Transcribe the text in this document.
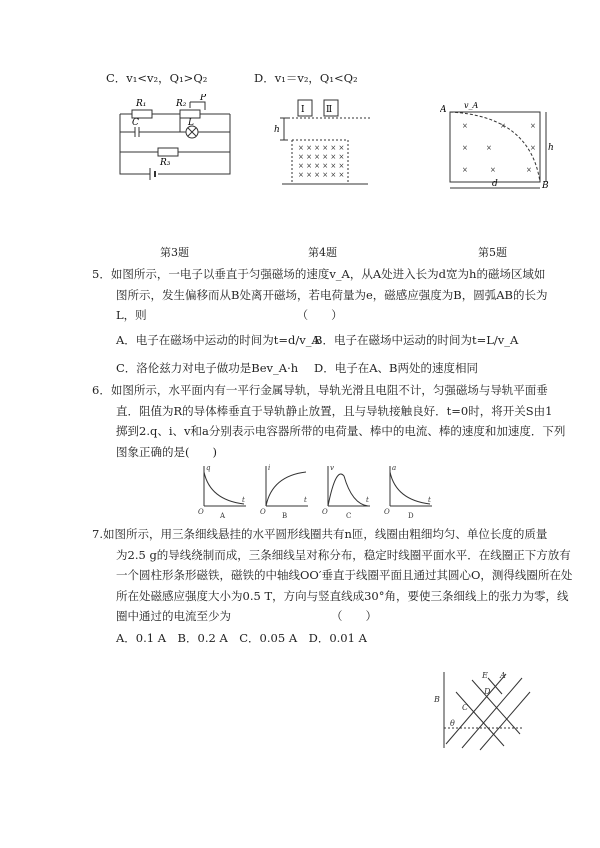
C．v₁<v₂，Q₁>Q₂	D．v₁＝v₂，Q₁<Q₂
R₁	R₂
P
C	L
R₃
Ⅰ Ⅱ
h
× × × × × ×
× × × × × ×
× × × × × ×
× × × × × ×
A v_A
h
d	B
×	×	×
×	×	×
×	×	×
第3题	第4题	第5题
5．如图所示，一电子以垂直于匀强磁场的速度v_A，从A处进入长为d宽为h的磁场区域如
图所示，发生偏移而从B处离开磁场，若电荷量为e，磁感应强度为B，圆弧AB的长为
L，则	（　　）
A．电子在磁场中运动的时间为t=d/v_A
B．电子在磁场中运动的时间为t=L/v_A
C．洛伦兹力对电子做功是Bev_A·h D．电子在A、B两处的速度相同
6．如图所示，水平面内有一平行金属导轨，导轨光滑且电阻不计，匀强磁场与导轨平面垂
直．阻值为R的导体棒垂直于导轨静止放置，且与导轨接触良好．t=0时，将开关S由1
掷到2.q、i、v和a分别表示电容器所带的电荷量、棒中的电流、棒的速度和加速度．下列
图象正确的是(　　)
q
t
O
i
t
O
v
t
O
a
t
O
A	B	C	D
7.如图所示，用三条细线悬挂的水平圆形线圈共有n匝，线圈由粗细均匀、单位长度的质量
为2.5 g的导线绕制而成，三条细线呈对称分布，稳定时线圈平面水平．在线圈正下方放有
一个圆柱形条形磁铁，磁铁的中轴线OO′垂直于线圈平面且通过其圆心O，测得线圈所在处
所在处磁感应强度大小为0.5 T，方向与竖直线成30°角，要使三条细线上的张力为零，线
圈中通过的电流至少为	（　　）
A．0.1 A　B．0.2 A　C．0.05 A　D．0.01 A
E A
B
C
D
θ
